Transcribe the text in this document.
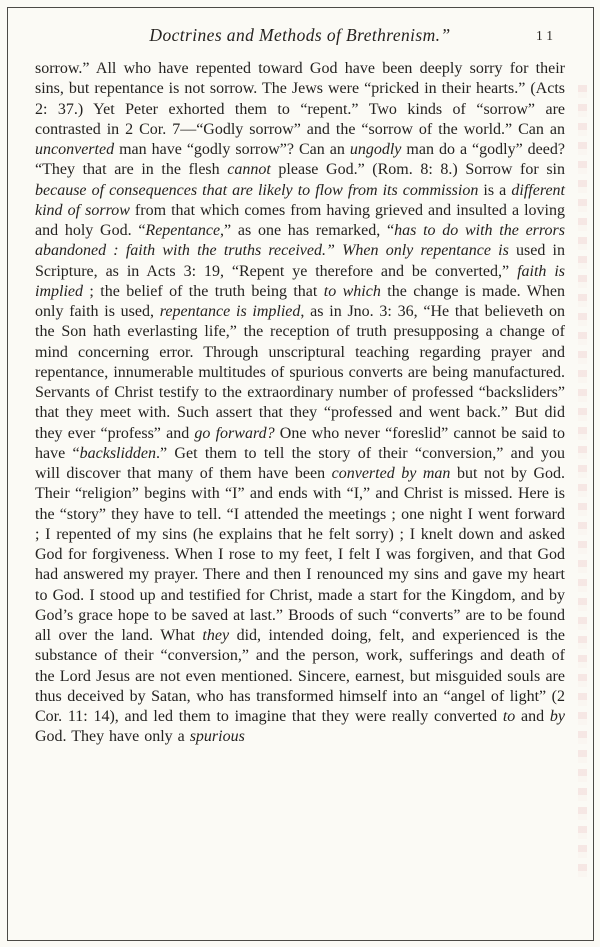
Doctrines and Methods of Brethrenism.”	11

sorrow.” All who have repented toward God have been deeply sorry for their sins, but repentance is not sorrow. The Jews were “pricked in their hearts.” (Acts 2: 37.) Yet Peter exhorted them to “repent.” Two kinds of “sorrow” are contrasted in 2 Cor. 7—“Godly sorrow” and the “sorrow of the world.” Can an unconverted man have “godly sorrow”? Can an ungodly man do a “godly” deed? “They that are in the flesh cannot please God.” (Rom. 8: 8.) Sorrow for sin because of consequences that are likely to flow from its commission is a different kind of sorrow from that which comes from having grieved and insulted a loving and holy God. “Repentance,” as one has remarked, “has to do with the errors abandoned : faith with the truths received.” When only repentance is used in Scripture, as in Acts 3: 19, “Repent ye therefore and be converted,” faith is implied ; the belief of the truth being that to which the change is made. When only faith is used, repentance is implied, as in Jno. 3: 36, “He that believeth on the Son hath everlasting life,” the reception of truth presupposing a change of mind concerning error. Through unscriptural teaching regarding prayer and repentance, innumerable multitudes of spurious converts are being manufactured. Servants of Christ testify to the extraordinary number of professed “backsliders” that they meet with. Such assert that they “professed and went back.” But did they ever “profess” and go forward? One who never “foreslid” cannot be said to have “backslidden.” Get them to tell the story of their “conversion,” and you will discover that many of them have been converted by man but not by God. Their “religion” begins with “I” and ends with “I,” and Christ is missed. Here is the “story” they have to tell. “I attended the meetings ; one night I went forward ; I repented of my sins (he explains that he felt sorry) ; I knelt down and asked God for forgiveness. When I rose to my feet, I felt I was forgiven, and that God had answered my prayer. There and then I renounced my sins and gave my heart to God. I stood up and testified for Christ, made a start for the Kingdom, and by God’s grace hope to be saved at last.” Broods of such “converts” are to be found all over the land. What they did, intended doing, felt, and experienced is the substance of their “conversion,” and the person, work, sufferings and death of the Lord Jesus are not even mentioned. Sincere, earnest, but misguided souls are thus deceived by Satan, who has transformed himself into an “angel of light” (2 Cor. 11: 14), and led them to imagine that they were really converted to and by God. They have only a spurious
